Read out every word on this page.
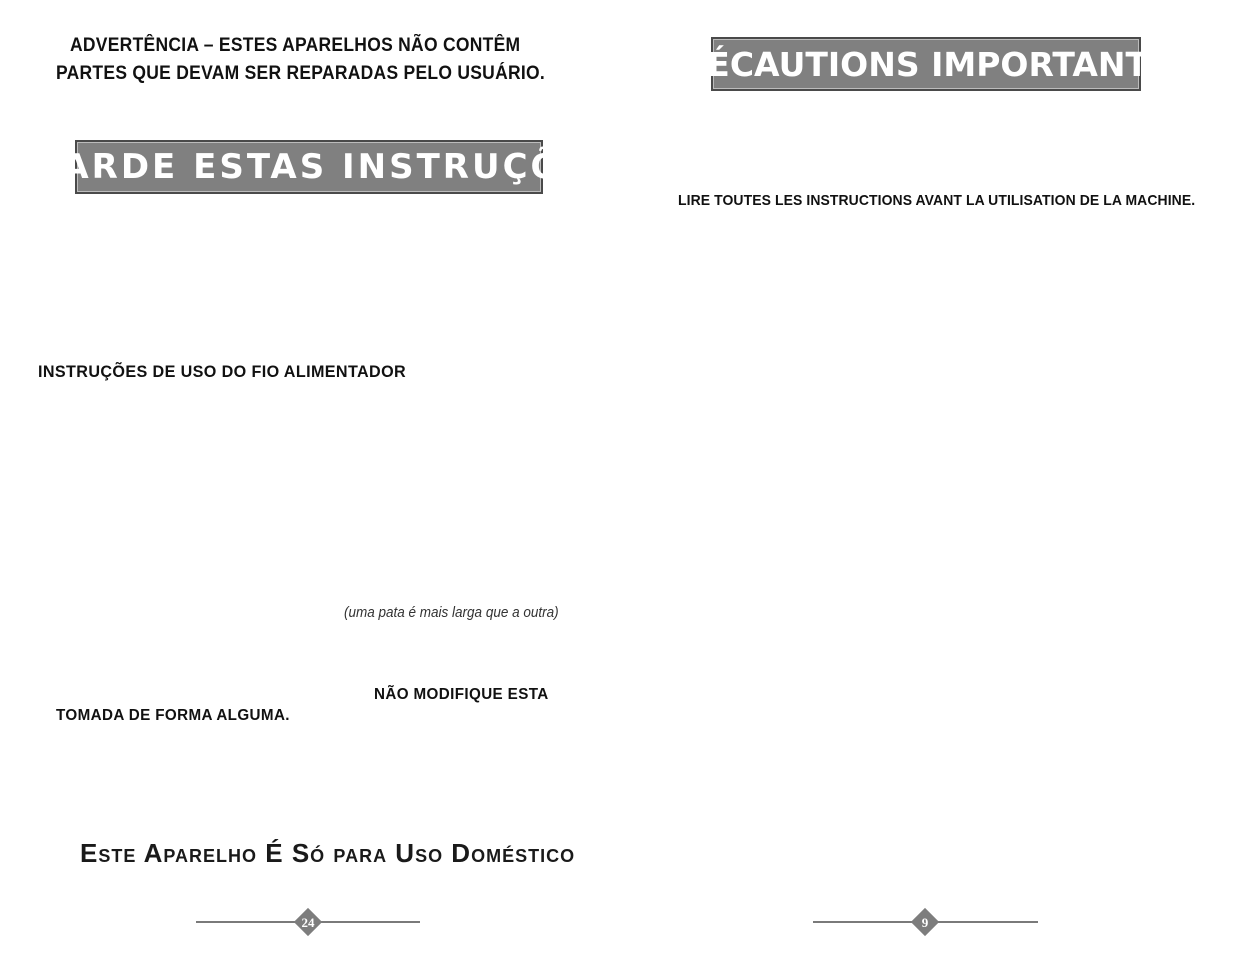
ADVERTÊNCIA – ESTES APARELHOS NÃO CONTÊM
PARTES QUE DEVAM SER REPARADAS PELO USUÁRIO.
GUARDE ESTAS INSTRUÇÕES
INSTRUÇÕES DE USO DO FIO ALIMENTADOR
(uma pata é mais larga que a outra)
NÃO MODIFIQUE ESTA
TOMADA DE FORMA ALGUMA.
Este Aparelho É Só para Uso Doméstico
24
PRÉCAUTIONS IMPORTANTES
LIRE TOUTES LES INSTRUCTIONS AVANT LA UTILISATION DE LA MACHINE.
9
